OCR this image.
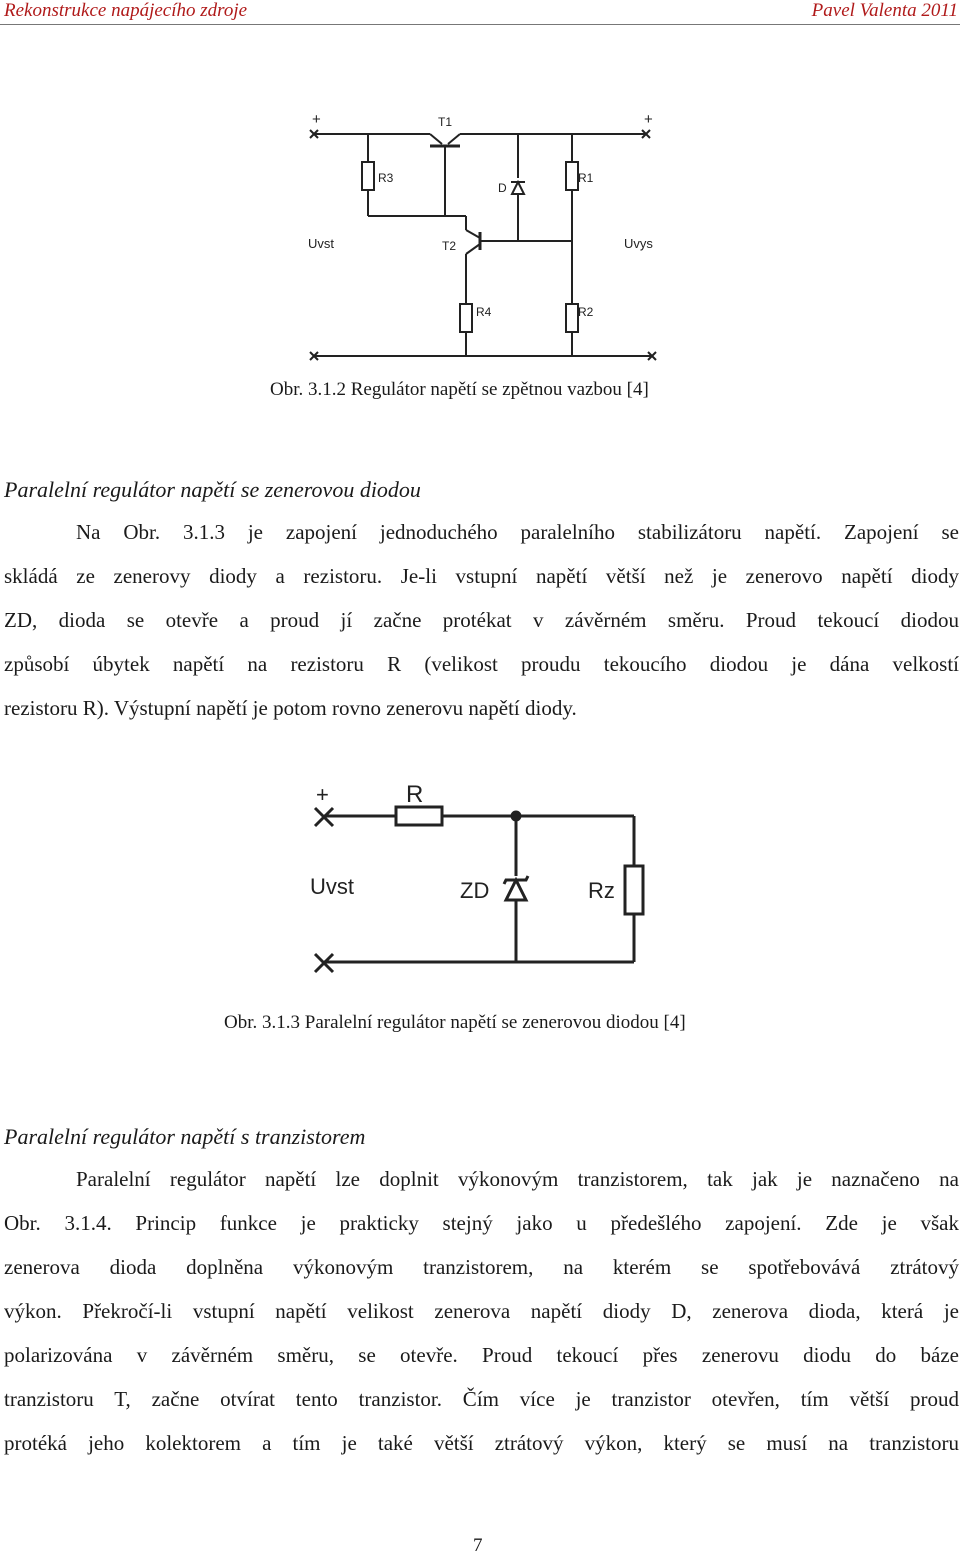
Rekonstrukce napájecího zdroje	Pavel Valenta 2011
+	+
T1
R3
T2
D
R4
R1
R2
Uvst	Uvys
Obr. 3.1.2 Regulátor napětí se zpětnou vazbou [4]
Paralelní regulátor napětí se zenerovou diodou
Na Obr. 3.1.3 je zapojení jednoduchého paralelního stabilizátoru napětí. Zapojení se
skládá ze zenerovy diody a rezistoru. Je-li vstupní napětí větší než je zenerovo napětí diody
ZD, dioda se otevře a proud jí začne protékat v závěrném směru. Proud tekoucí diodou
způsobí úbytek napětí na rezistoru R (velikost proudu tekoucího diodou je dána velkostí
rezistoru R). Výstupní napětí je potom rovno zenerovu napětí diody.
+	R
ZD	Rz
Uvst
Obr. 3.1.3 Paralelní regulátor napětí se zenerovou diodou [4]
Paralelní regulátor napětí s tranzistorem
Paralelní regulátor napětí lze doplnit výkonovým tranzistorem, tak jak je naznačeno na
Obr. 3.1.4. Princip funkce je prakticky stejný jako u předešlého zapojení. Zde je však
zenerova dioda doplněna výkonovým tranzistorem, na kterém se spotřebovává ztrátový
výkon. Překročí-li vstupní napětí velikost zenerova napětí diody D, zenerova dioda, která je
polarizována v závěrném směru, se otevře. Proud tekoucí přes zenerovu diodu do báze
tranzistoru T, začne otvírat tento tranzistor. Čím více je tranzistor otevřen, tím větší proud
protéká jeho kolektorem a tím je také větší ztrátový výkon, který se musí na tranzistoru
7
